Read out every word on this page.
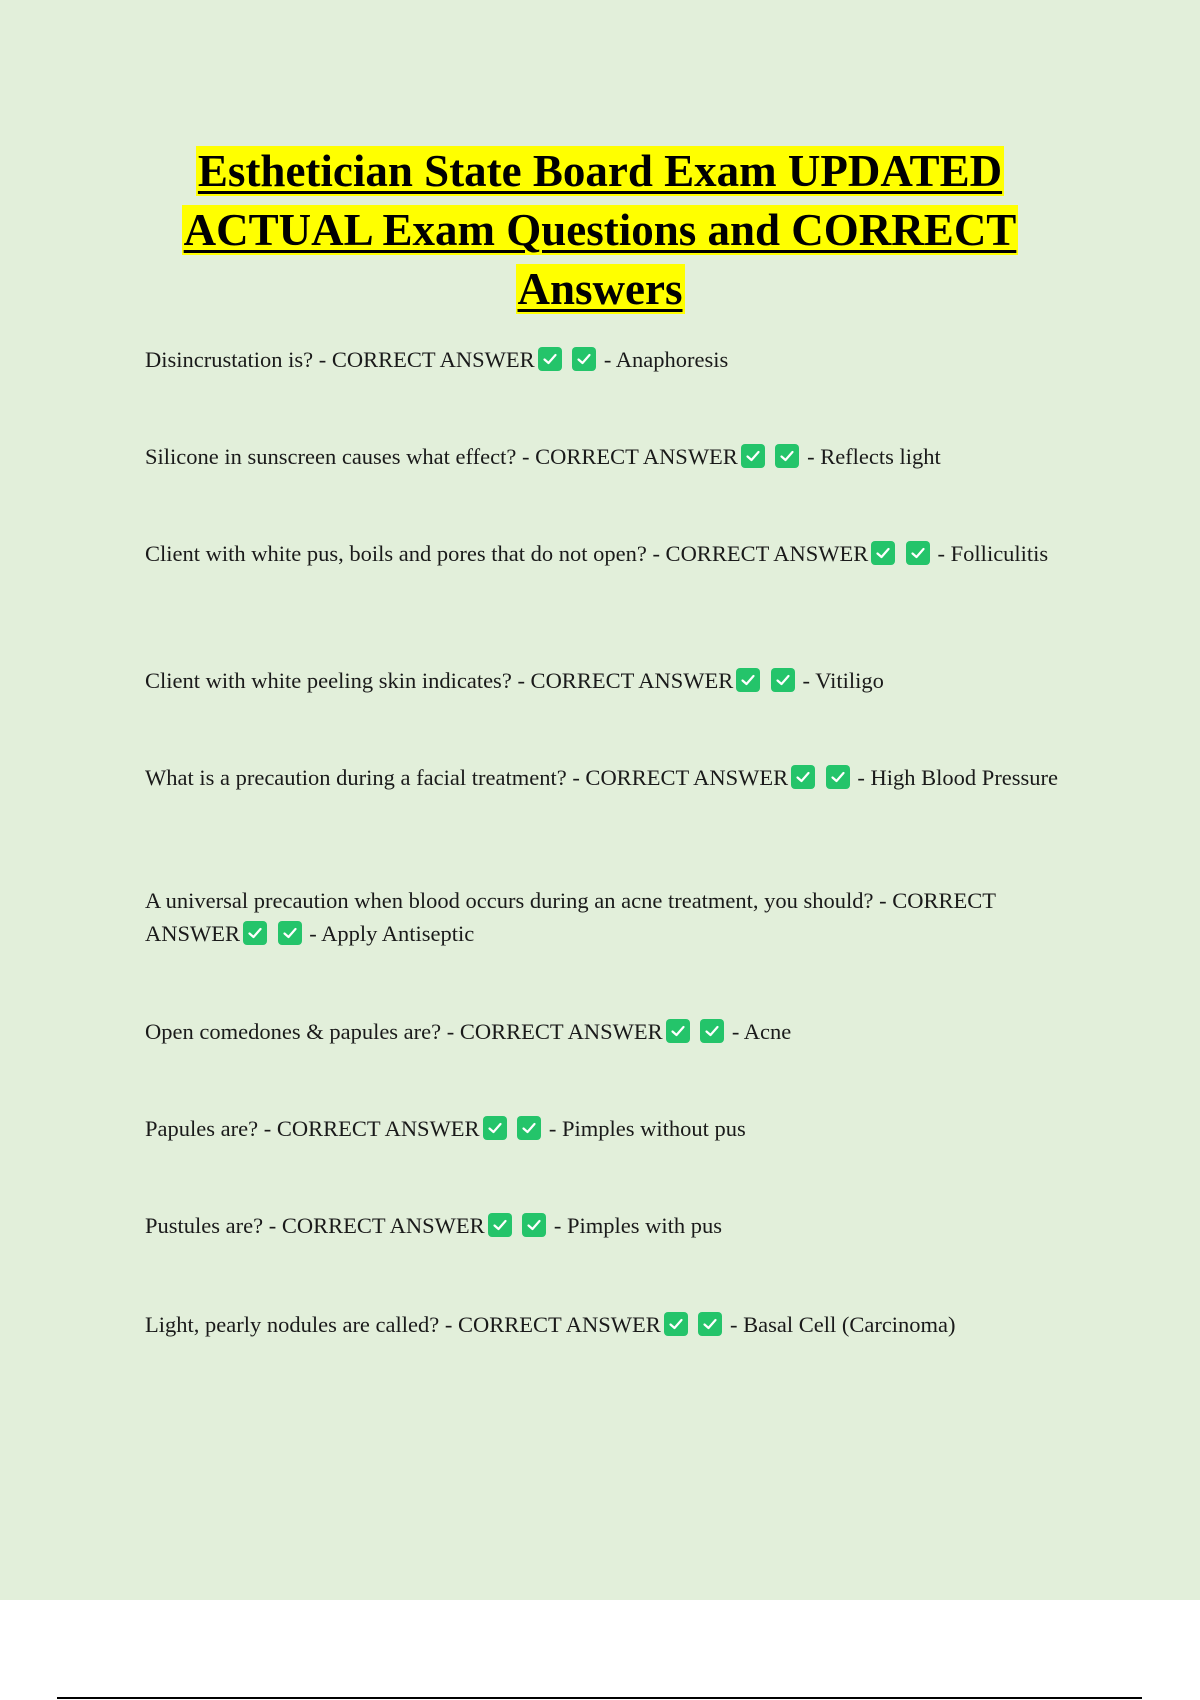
Esthetician State Board Exam UPDATED ACTUAL Exam Questions and CORRECT Answers

Disincrustation is? - CORRECT ANSWER
	- Anaphoresis

Silicone in sunscreen causes what effect? - CORRECT ANSWER
	- Reflects light

Client with white pus, boils and pores that do not open? - CORRECT ANSWER
	- Folliculitis

Client with white peeling skin indicates? - CORRECT ANSWER
	- Vitiligo

What is a precaution during a facial treatment? - CORRECT ANSWER
	- High Blood Pressure

A universal precaution when blood occurs during an acne treatment, you should? - CORRECT ANSWER
	- Apply Antiseptic

Open comedones & papules are? - CORRECT ANSWER
	- Acne

Papules are? - CORRECT ANSWER
	- Pimples without pus

Pustules are? - CORRECT ANSWER
	- Pimples with pus

Light, pearly nodules are called? - CORRECT ANSWER
	- Basal Cell (Carcinoma)
